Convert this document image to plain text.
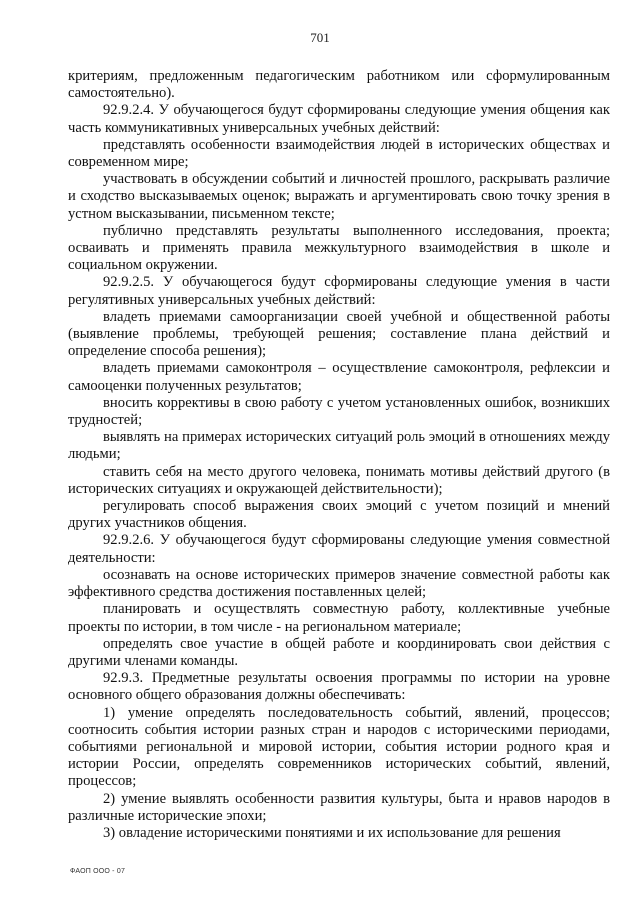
701

критериям, предложенным педагогическим работником или сформулированным самостоятельно).

92.9.2.4. У обучающегося будут сформированы следующие умения общения как часть коммуникативных универсальных учебных действий:

представлять особенности взаимодействия людей в исторических обществах и современном мире;

участвовать в обсуждении событий и личностей прошлого, раскрывать различие и сходство высказываемых оценок; выражать и аргументировать свою точку зрения в устном высказывании, письменном тексте;

публично представлять результаты выполненного исследования, проекта; осваивать и применять правила межкультурного взаимодействия в школе и социальном окружении.

92.9.2.5. У обучающегося будут сформированы следующие умения в части регулятивных универсальных учебных действий:

владеть приемами самоорганизации своей учебной и общественной работы (выявление проблемы, требующей решения; составление плана действий и определение способа решения);

владеть приемами самоконтроля – осуществление самоконтроля, рефлексии и самооценки полученных результатов;

вносить коррективы в свою работу с учетом установленных ошибок, возникших трудностей;

выявлять на примерах исторических ситуаций роль эмоций в отношениях между людьми;

ставить себя на место другого человека, понимать мотивы действий другого (в исторических ситуациях и окружающей действительности);

регулировать способ выражения своих эмоций с учетом позиций и мнений других участников общения.

92.9.2.6. У обучающегося будут сформированы следующие умения совместной деятельности:

осознавать на основе исторических примеров значение совместной работы как эффективного средства достижения поставленных целей;

планировать и осуществлять совместную работу, коллективные учебные проекты по истории, в том числе - на региональном материале;

определять свое участие в общей работе и координировать свои действия с другими членами команды.

92.9.3. Предметные результаты освоения программы по истории на уровне основного общего образования должны обеспечивать:

1) умение определять последовательность событий, явлений, процессов; соотносить события истории разных стран и народов с историческими периодами, событиями региональной и мировой истории, события истории родного края и истории России, определять современников исторических событий, явлений, процессов;

2) умение выявлять особенности развития культуры, быта и нравов народов в различные исторические эпохи;

3) овладение историческими понятиями и их использование для решения

ФАОП ООО - 07
